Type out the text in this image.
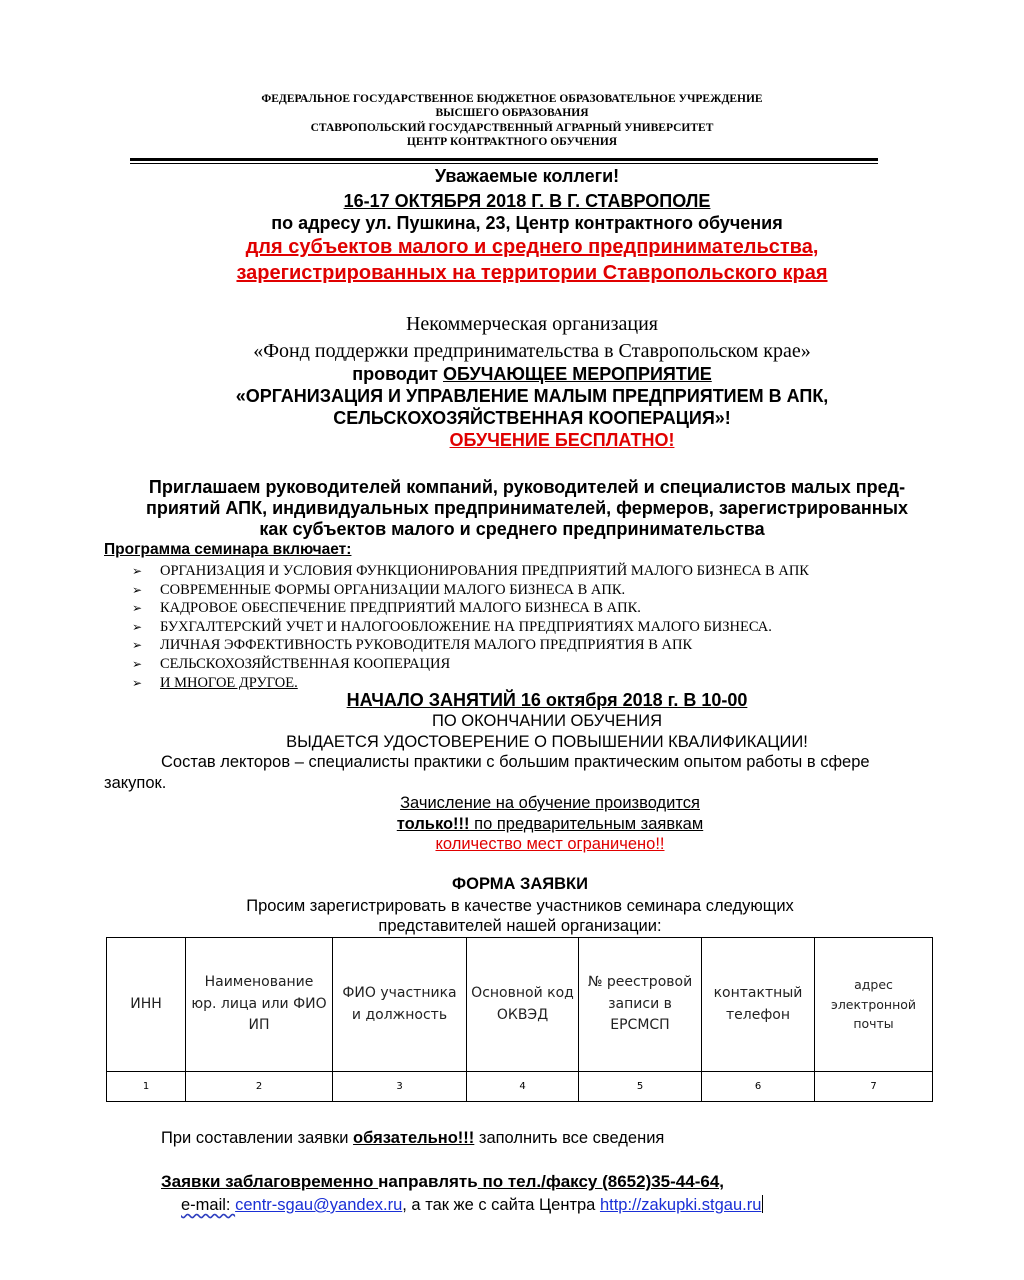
ФЕДЕРАЛЬНОЕ ГОСУДАРСТВЕННОЕ БЮДЖЕТНОЕ ОБРАЗОВАТЕЛЬНОЕ УЧРЕЖДЕНИЕ
ВЫСШЕГО ОБРАЗОВАНИЯ
СТАВРОПОЛЬСКИЙ ГОСУДАРСТВЕННЫЙ АГРАРНЫЙ УНИВЕРСИТЕТ
ЦЕНТР КОНТРАКТНОГО ОБУЧЕНИЯ
Уважаемые коллеги!
16-17 ОКТЯБРЯ 2018 Г. В Г. СТАВРОПОЛЕ
по адресу ул. Пушкина, 23, Центр контрактного обучения
для субъектов малого и среднего предпринимательства,
зарегистрированных на территории Ставропольского края
Некоммерческая организация
«Фонд поддержки предпринимательства в Ставропольском крае»
проводит ОБУЧАЮЩЕЕ МЕРОПРИЯТИЕ
«ОРГАНИЗАЦИЯ И УПРАВЛЕНИЕ МАЛЫМ ПРЕДПРИЯТИЕМ В АПК,
СЕЛЬСКОХОЗЯЙСТВЕННАЯ КООПЕРАЦИЯ»!
ОБУЧЕНИЕ БЕСПЛАТНО!
Приглашаем руководителей компаний, руководителей и специалистов малых пред-
приятий АПК, индивидуальных предпринимателей, фермеров, зарегистрированных
как субъектов малого и среднего предпринимательства
Программа семинара включает:
➢ ОРГАНИЗАЦИЯ И УСЛОВИЯ ФУНКЦИОНИРОВАНИЯ ПРЕДПРИЯТИЙ МАЛОГО БИЗНЕСА В АПК
➢ СОВРЕМЕННЫЕ ФОРМЫ ОРГАНИЗАЦИИ МАЛОГО БИЗНЕСА В АПК.
➢ КАДРОВОЕ ОБЕСПЕЧЕНИЕ ПРЕДПРИЯТИЙ МАЛОГО БИЗНЕСА В АПК.
➢ БУХГАЛТЕРСКИЙ УЧЕТ И НАЛОГООБЛОЖЕНИЕ НА ПРЕДПРИЯТИЯХ МАЛОГО БИЗНЕСА.
➢ ЛИЧНАЯ ЭФФЕКТИВНОСТЬ РУКОВОДИТЕЛЯ МАЛОГО ПРЕДПРИЯТИЯ В АПК
➢ СЕЛЬСКОХОЗЯЙСТВЕННАЯ КООПЕРАЦИЯ
➢ И МНОГОЕ ДРУГОЕ.
НАЧАЛО ЗАНЯТИЙ 16 октября 2018 г. В 10-00
ПО ОКОНЧАНИИ ОБУЧЕНИЯ
ВЫДАЕТСЯ УДОСТОВЕРЕНИЕ О ПОВЫШЕНИИ КВАЛИФИКАЦИИ!
Состав лекторов – специалисты практики с большим практическим опытом работы в сфере
закупок.
Зачисление на обучение производится
только!!! по предварительным заявкам
количество мест ограничено!!
ФОРМА ЗАЯВКИ
Просим зарегистрировать в качестве участников семинара следующих
представителей нашей организации:
ИНН	Наименование юр. лица или ФИО ИП	ФИО участника и должность	Основной код ОКВЭД	№ реестровой записи в ЕРСМСП	контактный телефон	адрес электронной почты
1	2	3	4	5	6	7
При составлении заявки обязательно!!! заполнить все сведения
Заявки заблаговременно направлять по тел./факсу (8652)35-44-64,
e-mail: centr-sgau@yandex.ru, а так же с сайта Центра http://zakupki.stgau.ru
